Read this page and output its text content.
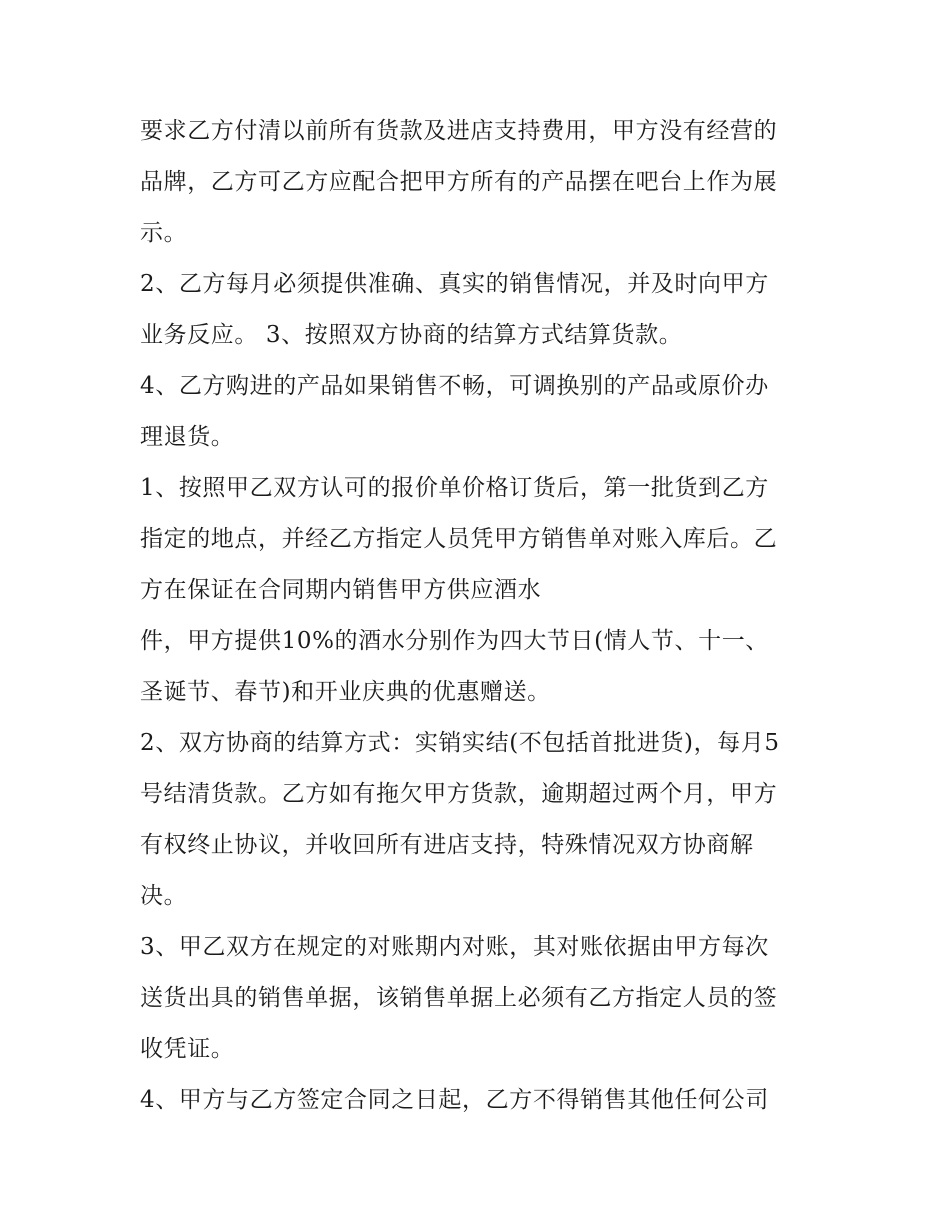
要求乙方付清以前所有货款及进店支持费用，甲方没有经营的
品牌，乙方可乙方应配合把甲方所有的产品摆在吧台上作为展
示。
2、乙方每月必须提供准确、真实的销售情况，并及时向甲方
业务反应。 3、按照双方协商的结算方式结算货款。
4、乙方购进的产品如果销售不畅，可调换别的产品或原价办
理退货。
1、按照甲乙双方认可的报价单价格订货后，第一批货到乙方
指定的地点，并经乙方指定人员凭甲方销售单对账入库后。乙
方在保证在合同期内销售甲方供应酒水
件，甲方提供10%的酒水分别作为四大节日(情人节、十一、
圣诞节、春节)和开业庆典的优惠赠送。
2、双方协商的结算方式：实销实结(不包括首批进货)，每月5
号结清货款。乙方如有拖欠甲方货款，逾期超过两个月，甲方
有权终止协议，并收回所有进店支持，特殊情况双方协商解
决。
3、甲乙双方在规定的对账期内对账，其对账依据由甲方每次
送货出具的销售单据，该销售单据上必须有乙方指定人员的签
收凭证。
4、甲方与乙方签定合同之日起，乙方不得销售其他任何公司
